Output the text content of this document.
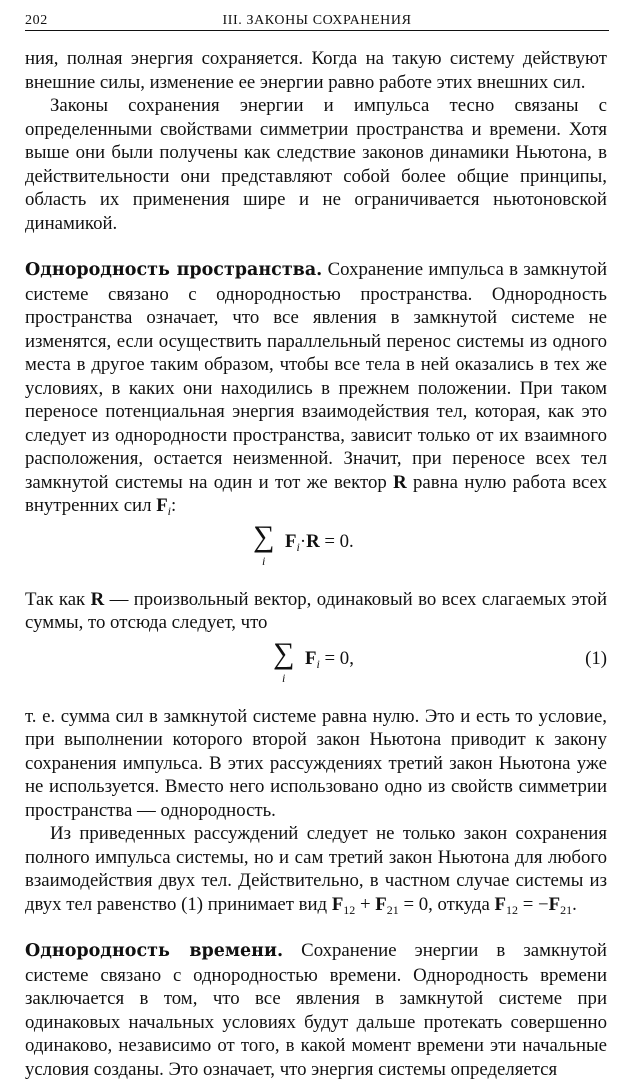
202	III. ЗАКОНЫ СОХРАНЕНИЯ

ния, полная энергия сохраняется. Когда на такую систему действуют внешние силы, изменение ее энергии равно работе этих внешних сил.

Законы сохранения энергии и импульса тесно связаны с определенными свойствами симметрии пространства и времени. Хотя выше они были получены как следствие законов динамики Ньютона, в действительности они представляют собой более общие принципы, область их применения шире и не ограничивается ньютоновской динамикой.

Однородность пространства. Сохранение импульса в замкнутой системе связано с однородностью пространства. Однородность пространства означает, что все явления в замкнутой системе не изменятся, если осуществить параллельный перенос системы из одного места в другое таким образом, чтобы все тела в ней оказались в тех же условиях, в каких они находились в прежнем положении. При таком переносе потенциальная энергия взаимодействия тел, которая, как это следует из однородности пространства, зависит только от их взаимного расположения, остается неизменной. Значит, при переносе всех тел замкнутой системы на один и тот же вектор R равна нулю работа всех внутренних сил $F_i$:

∑
i
$F_i\cdot R = 0$.

Так как R — произвольный вектор, одинаковый во всех слагаемых этой суммы, то отсюда следует, что

∑
i
$F_i = 0$,	(1)

т. е. сумма сил в замкнутой системе равна нулю. Это и есть то условие, при выполнении которого второй закон Ньютона приводит к закону сохранения импульса. В этих рассуждениях третий закон Ньютона уже не используется. Вместо него использовано одно из свойств симметрии пространства — однородность.

Из приведенных рассуждений следует не только закон сохранения полного импульса системы, но и сам третий закон Ньютона для любого взаимодействия двух тел. Действительно, в частном случае системы из двух тел равенство (1) принимает вид $F_{12} + F_{21} = 0$, откуда $F_{12} = -F_{21}$.

Однородность времени. Сохранение энергии в замкнутой системе связано с однородностью времени. Однородность времени заключается в том, что все явления в замкнутой системе при одинаковых начальных условиях будут дальше протекать совершенно одинаково, независимо от того, в какой момент времени эти начальные условия созданы. Это означает, что энергия системы определяется
